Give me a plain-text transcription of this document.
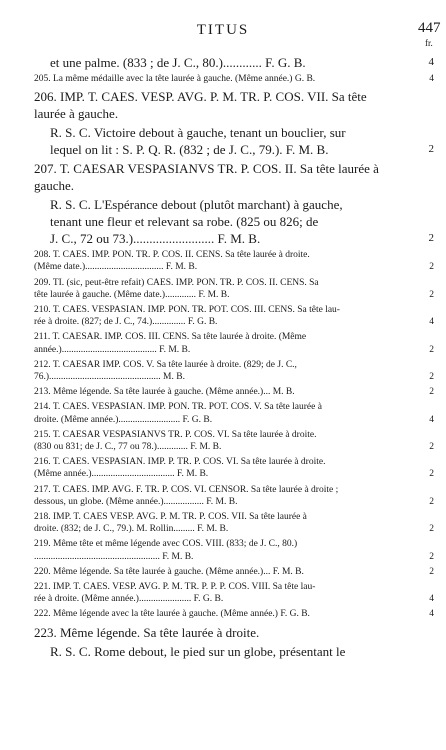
TITUS	447
fr.
et une palme. (833 ; de J. C., 80.)............ F. G. B.	4
205. La même médaille avec la tête laurée à gauche. (Même année.) G. B.	4
206. IMP. T. CAES. VESP. AVG. P. M. TR. P. COS. VII. Sa tête
laurée à gauche.
R. S. C. Victoire debout à gauche, tenant un bouclier, sur
lequel on lit : S. P. Q. R. (832 ; de J. C., 79.). F. M. B.	2
207. T. CAESAR VESPASIANVS TR. P. COS. II. Sa tête laurée à
gauche.
R. S. C. L'Espérance debout (plutôt marchant) à gauche,
tenant une fleur et relevant sa robe. (825 ou 826; de
J. C., 72 ou 73.)......................... F. M. B.	2
208. T. CAES. IMP. PON. TR. P. COS. II. CENS. Sa tête laurée à droite.
(Même date.)................................. F. M. B.	2
209. TI. (sic, peut-être refait) CAES. IMP. PON. TR. P. COS. II. CENS. Sa
tête laurée à gauche. (Même date.)............. F. M. B.	2
210. T. CAES. VESPASIAN. IMP. PON. TR. POT. COS. III. CENS. Sa tête lau-
rée à droite. (827; de J. C., 74.).............. F. G. B.	4
211. T. CAESAR. IMP. COS. III. CENS. Sa tête laurée à droite. (Même
année.)........................................ F. M. B.	2
212. T. CAESAR IMP. COS. V. Sa tête laurée à droite. (829; de J. C.,
76.)............................................... M. B.	2
213. Même légende. Sa tête laurée à gauche. (Même année.)... M. B.	2
214. T. CAES. VESPASIAN. IMP. PON. TR. POT. COS. V. Sa tête laurée à
droite. (Même année.).......................... F. G. B.	4
215. T. CAESAR VESPASIANVS TR. P. COS. VI. Sa tête laurée à droite.
(830 ou 831; de J. C., 77 ou 78.)............. F. M. B.	2
216. T. CAES. VESPASIAN. IMP. P. TR. P. COS. VI. Sa tête laurée à droite.
(Même année.)................................... F. M. B.	2
217. T. CAES. IMP. AVG. F. TR. P. COS. VI. CENSOR. Sa tête laurée à droite ;
dessous, un globe. (Même année.)................. F. M. B.	2
218. IMP. T. CAES VESP. AVG. P. M. TR. P. COS. VII. Sa tête laurée à
droite. (832; de J. C., 79.). M. Rollin......... F. M. B.	2
219. Même tête et même légende avec COS. VIII. (833; de J. C., 80.)
..................................................... F. M. B.	2
220. Même légende. Sa tête laurée à gauche. (Même année.)... F. M. B.	2
221. IMP. T. CAES. VESP. AVG. P. M. TR. P. P. P. COS. VIII. Sa tête lau-
rée à droite. (Même année.)...................... F. G. B.	4
222. Même légende avec la tête laurée à gauche. (Même année.) F. G. B.	4
223. Même légende. Sa tête laurée à droite.
R. S. C. Rome debout, le pied sur un globe, présentant le
